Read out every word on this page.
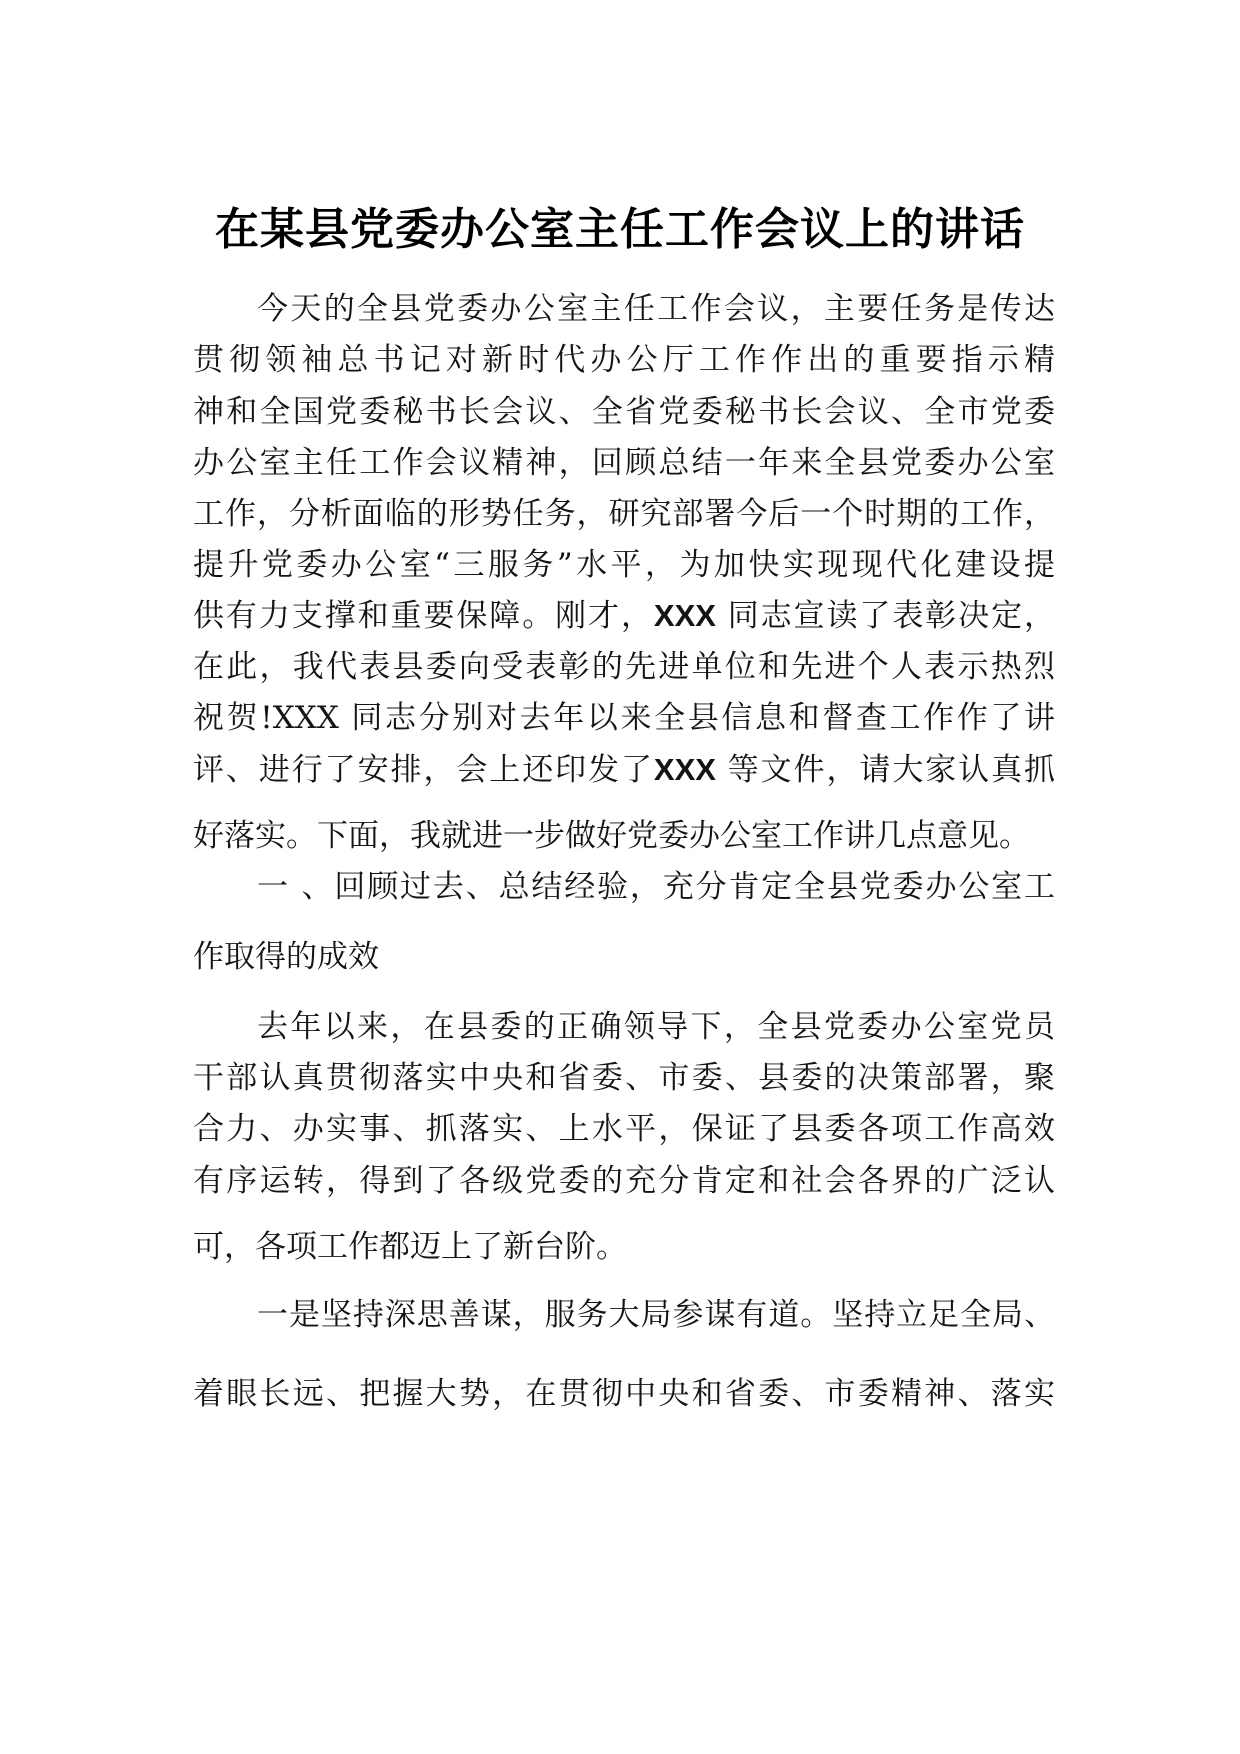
在某县党委办公室主任工作会议上的讲话
今天的全县党委办公室主任工作会议，主要任务是传达
贯彻领袖总书记对新时代办公厅工作作出的重要指示精
神和全国党委秘书长会议、全省党委秘书长会议、全市党委
办公室主任工作会议精神，回顾总结一年来全县党委办公室
工作，分析面临的形势任务，研究部署今后一个时期的工作，
提升党委办公室“三服务”水平，为加快实现现代化建设提
供有力支撑和重要保障。刚才，XXX 同志宣读了表彰决定，
在此，我代表县委向受表彰的先进单位和先进个人表示热烈
祝贺!XXX 同志分别对去年以来全县信息和督查工作作了讲
评、进行了安排，会上还印发了XXX 等文件，请大家认真抓
好落实。下面，我就进一步做好党委办公室工作讲几点意见。
一 、回顾过去、总结经验，充分肯定全县党委办公室工
作取得的成效
去年以来，在县委的正确领导下，全县党委办公室党员
干部认真贯彻落实中央和省委、市委、县委的决策部署，聚
合力、办实事、抓落实、上水平，保证了县委各项工作高效
有序运转，得到了各级党委的充分肯定和社会各界的广泛认
可，各项工作都迈上了新台阶。
一是坚持深思善谋，服务大局参谋有道。坚持立足全局、
着眼长远、把握大势，在贯彻中央和省委、市委精神、落实
